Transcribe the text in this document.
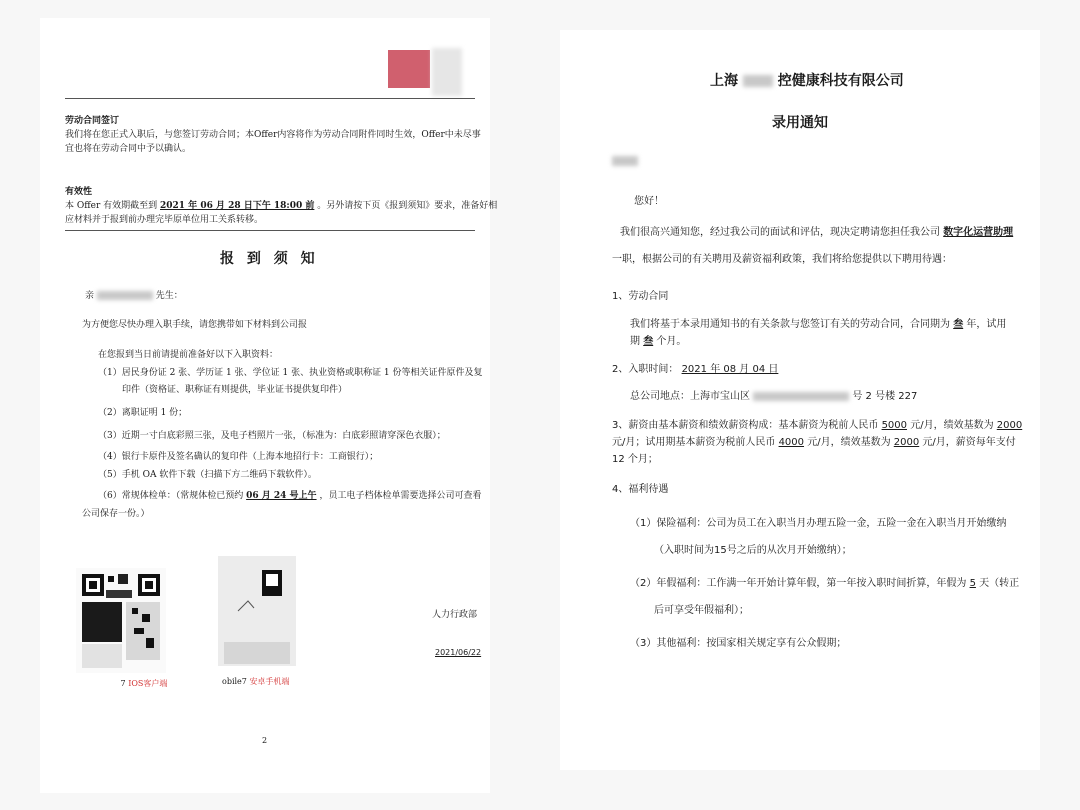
劳动合同签订
我们将在您正式入职后，与您签订劳动合同；本Offer内容将作为劳动合同附件同时生效，Offer中未尽事
宜也将在劳动合同中予以确认。
有效性
本 Offer 有效期截至到 2021 年 06 月 28 日下午 18:00 前 。另外请按下页《报到须知》要求，准备好相
应材料并于报到前办理完毕原单位用工关系转移。
报 到 须 知
亲	先生：
为方便您尽快办理入职手续，请您携带如下材料到公司报
在您报到当日前请提前准备好以下入职资料：
（1）居民身份证 2 张、学历证 1 张、学位证 1 张、执业资格或职称证 1 份等相关证件原件及复
印件（资格证、职称证有则提供，毕业证书提供复印件）
（2）离职证明 1 份；
（3）近期一寸白底彩照三张，及电子档照片一张，（标准为：白底彩照请穿深色衣服）；
（4）银行卡原件及签名确认的复印件（上海本地招行卡：工商银行）；
（5）手机 OA 软件下载（扫描下方二维码下载软件）。
（6）常规体检单：（常规体检已预约 06 月 24 号上午 ，员工电子档体检单需要选择公司可查看
公司保存一份。）
7 IOS客户端	obile7 安卓手机端
人力行政部
2021/06/22
2
上海	控健康科技有限公司
录用通知
您好！
我们很高兴通知您，经过我公司的面试和评估，现决定聘请您担任我公司 数字化运营助理
一职，根据公司的有关聘用及薪资福利政策，我们将给您提供以下聘用待遇：
1、劳动合同
我们将基于本录用通知书的有关条款与您签订有关的劳动合同，合同期为 叁 年，试用
期 叁 个月。
2、入职时间： 2021 年 08 月 04 日
总公司地点：上海市宝山区	号 2 号楼 227
3、薪资由基本薪资和绩效薪资构成：基本薪资为税前人民币 5000 元/月，绩效基数为 2000
元/月；试用期基本薪资为税前人民币 4000 元/月，绩效基数为 2000 元/月，薪资每年支付
12 个月；
4、福利待遇
（1）保险福利：公司为员工在入职当月办理五险一金，五险一金在入职当月开始缴纳
（入职时间为15号之后的从次月开始缴纳）；
（2）年假福利：工作满一年开始计算年假，第一年按入职时间折算，年假为 5 天（转正
后可享受年假福利）；
（3）其他福利：按国家相关规定享有公众假期；
